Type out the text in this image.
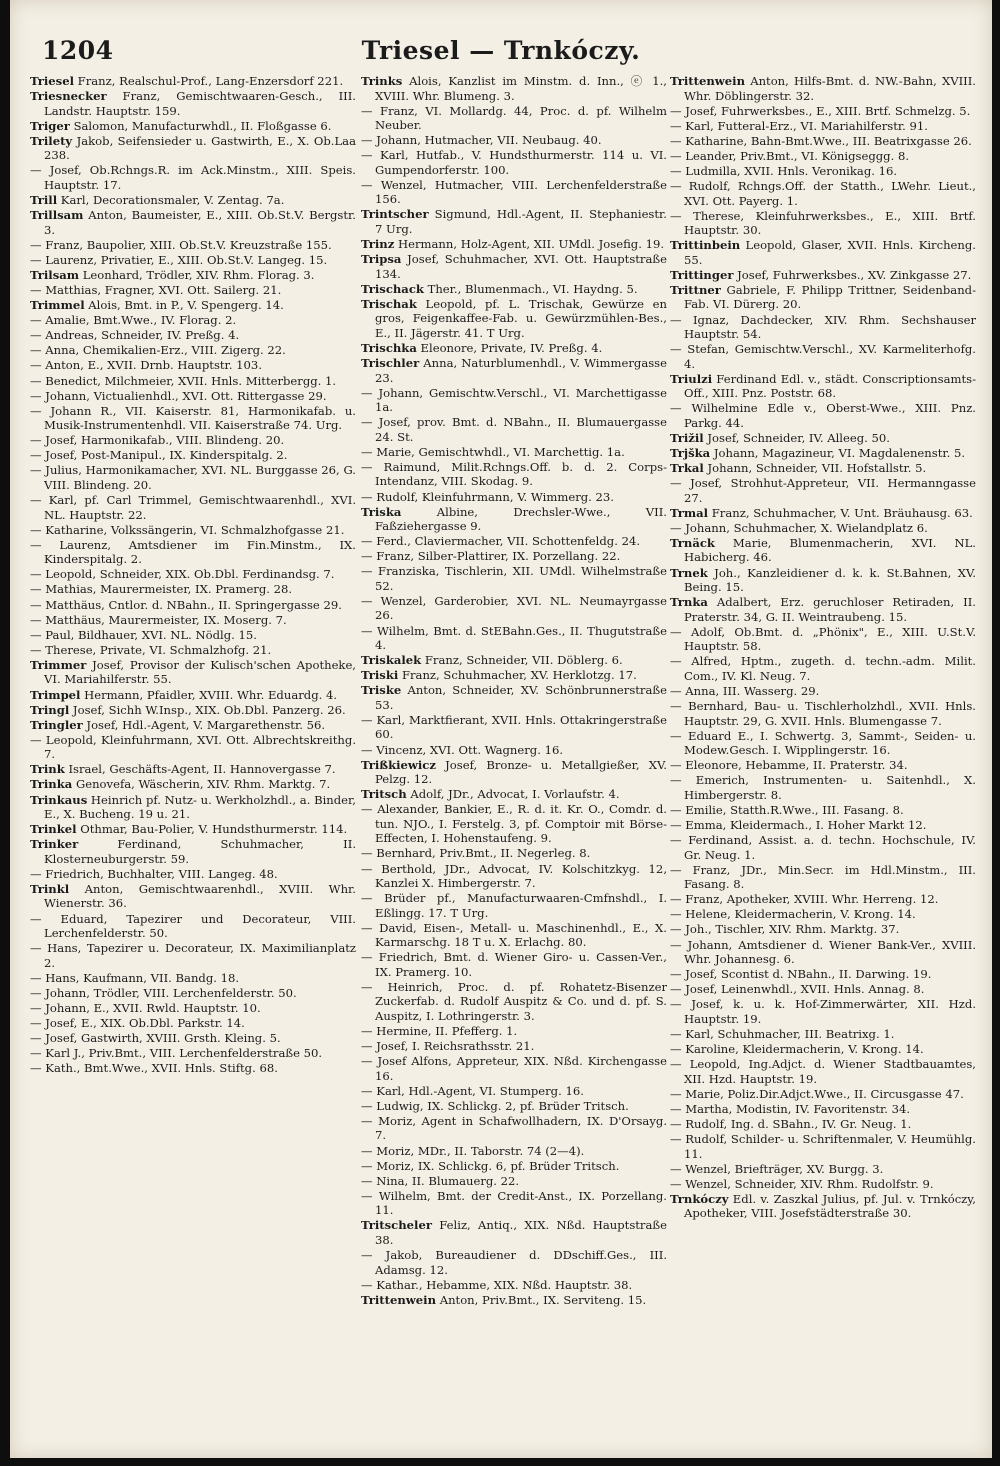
1204	Triesel — Trnkóczy.

Triesel Franz, Realschul-Prof., Lang-Enzersdorf 221.

Triesnecker Franz, Gemischtwaaren-Gesch., III. Landstr. Hauptstr. 159.

Triger Salomon, Manufacturwhdl., II. Floßgasse 6.

Trilety Jakob, Seifensieder u. Gastwirth, E., X. Ob.Laa 238.

— Josef, Ob.Rchngs.R. im Ack.Minstm., XIII. Speis. Hauptstr. 17.

Trill Karl, Decorationsmaler, V. Zentag. 7a.

Trillsam Anton, Baumeister, E., XIII. Ob.St.V. Bergstr. 3.

— Franz, Baupolier, XIII. Ob.St.V. Kreuzstraße 155.

— Laurenz, Privatier, E., XIII. Ob.St.V. Langeg. 15.

Trilsam Leonhard, Trödler, XIV. Rhm. Florag. 3.

— Matthias, Fragner, XVI. Ott. Sailerg. 21.

Trimmel Alois, Bmt. in P., V. Spengerg. 14.

— Amalie, Bmt.Wwe., IV. Florag. 2.

— Andreas, Schneider, IV. Preßg. 4.

— Anna, Chemikalien-Erz., VIII. Zigerg. 22.

— Anton, E., XVII. Drnb. Hauptstr. 103.

— Benedict, Milchmeier, XVII. Hnls. Mitterbergg. 1.

— Johann, Victualienhdl., XVI. Ott. Rittergasse 29.

— Johann R., VII. Kaiserstr. 81, Harmonikafab. u. Musik-Instrumentenhdl. VII. Kaiserstraße 74. Urg.

— Josef, Harmonikafab., VIII. Blindeng. 20.

— Josef, Post-Manipul., IX. Kinderspitalg. 2.

— Julius, Harmonikamacher, XVI. NL. Burggasse 26, G. VIII. Blindeng. 20.

— Karl, pf. Carl Trimmel, Gemischtwaarenhdl., XVI. NL. Hauptstr. 22.

— Katharine, Volkssängerin, VI. Schmalzhofgasse 21.

— Laurenz, Amtsdiener im Fin.Minstm., IX. Kinderspitalg. 2.

— Leopold, Schneider, XIX. Ob.Dbl. Ferdinandsg. 7.

— Mathias, Maurermeister, IX. Pramerg. 28.

— Matthäus, Cntlor. d. NBahn., II. Springergasse 29.

— Matthäus, Maurermeister, IX. Moserg. 7.

— Paul, Bildhauer, XVI. NL. Nödlg. 15.

— Therese, Private, VI. Schmalzhofg. 21.

Trimmer Josef, Provisor der Kulisch'schen Apotheke, VI. Mariahilferstr. 55.

Trimpel Hermann, Pfaidler, XVIII. Whr. Eduardg. 4.

Tringl Josef, Sichh W.Insp., XIX. Ob.Dbl. Panzerg. 26.

Tringler Josef, Hdl.-Agent, V. Margarethenstr. 56.

— Leopold, Kleinfuhrmann, XVI. Ott. Albrechtskreithg. 7.

Trink Israel, Geschäfts-Agent, II. Hannovergasse 7.

Trinka Genovefa, Wäscherin, XIV. Rhm. Marktg. 7.

Trinkaus Heinrich pf. Nutz- u. Werkholzhdl., a. Binder, E., X. Bucheng. 19 u. 21.

Trinkel Othmar, Bau-Polier, V. Hundsthurmerstr. 114.

Trinker Ferdinand, Schuhmacher, II. Klosterneuburgerstr. 59.

— Friedrich, Buchhalter, VIII. Langeg. 48.

Trinkl Anton, Gemischtwaarenhdl., XVIII. Whr. Wienerstr. 36.

— Eduard, Tapezirer und Decorateur, VIII. Lerchenfelderstr. 50.

— Hans, Tapezirer u. Decorateur, IX. Maximilianplatz 2.

— Hans, Kaufmann, VII. Bandg. 18.

— Johann, Trödler, VIII. Lerchenfelderstr. 50.

— Johann, E., XVII. Rwld. Hauptstr. 10.

— Josef, E., XIX. Ob.Dbl. Parkstr. 14.

— Josef, Gastwirth, XVIII. Grsth. Kleing. 5.

— Karl J., Priv.Bmt., VIII. Lerchenfelderstraße 50.

— Kath., Bmt.Wwe., XVII. Hnls. Stiftg. 68.

Trinks Alois, Kanzlist im Minstm. d. Inn., ⓔ 1., XVIII. Whr. Blumeng. 3.

— Franz, VI. Mollardg. 44, Proc. d. pf. Wilhelm Neuber.

— Johann, Hutmacher, VII. Neubaug. 40.

— Karl, Hutfab., V. Hundsthurmerstr. 114 u. VI. Gumpendorferstr. 100.

— Wenzel, Hutmacher, VIII. Lerchenfelderstraße 156.

Trintscher Sigmund, Hdl.-Agent, II. Stephaniestr. 7 Urg.

Trinz Hermann, Holz-Agent, XII. UMdl. Josefig. 19.

Tripsa Josef, Schuhmacher, XVI. Ott. Hauptstraße 134.

Trischack Ther., Blumenmach., VI. Haydng. 5.

Trischak Leopold, pf. L. Trischak, Gewürze en gros, Feigenkaffee-Fab. u. Gewürzmühlen-Bes., E., II. Jägerstr. 41. T Urg.

Trischka Eleonore, Private, IV. Preßg. 4.

Trischler Anna, Naturblumenhdl., V. Wimmergasse 23.

— Johann, Gemischtw.Verschl., VI. Marchettigasse 1a.

— Josef, prov. Bmt. d. NBahn., II. Blumauergasse 24. St.

— Marie, Gemischtwhdl., VI. Marchettig. 1a.

— Raimund, Milit.Rchngs.Off. b. d. 2. Corps-Intendanz, VIII. Skodag. 9.

— Rudolf, Kleinfuhrmann, V. Wimmerg. 23.

Triska Albine, Drechsler-Wwe., VII. Faßziehergasse 9.

— Ferd., Claviermacher, VII. Schottenfeldg. 24.

— Franz, Silber-Plattirer, IX. Porzellang. 22.

— Franziska, Tischlerin, XII. UMdl. Wilhelmstraße 52.

— Wenzel, Garderobier, XVI. NL. Neumayrgasse 26.

— Wilhelm, Bmt. d. StEBahn.Ges., II. Thugutstraße 4.

Triskalek Franz, Schneider, VII. Döblerg. 6.

Triski Franz, Schuhmacher, XV. Herklotzg. 17.

Triske Anton, Schneider, XV. Schönbrunnerstraße 53.

— Karl, Marktfierant, XVII. Hnls. Ottakringerstraße 60.

— Vincenz, XVI. Ott. Wagnerg. 16.

Trißkiewicz Josef, Bronze- u. Metallgießer, XV. Pelzg. 12.

Tritsch Adolf, JDr., Advocat, I. Vorlaufstr. 4.

— Alexander, Bankier, E., R. d. it. Kr. O., Comdr. d. tun. NJO., I. Ferstelg. 3, pf. Comptoir mit Börse-Effecten, I. Hohenstaufeng. 9.

— Bernhard, Priv.Bmt., II. Negerleg. 8.

— Berthold, JDr., Advocat, IV. Kolschitzkyg. 12, Kanzlei X. Himbergerstr. 7.

— Brüder pf., Manufacturwaaren-Cmfnshdl., I. Eßlingg. 17. T Urg.

— David, Eisen-, Metall- u. Maschinenhdl., E., X. Karmarschg. 18 T u. X. Erlachg. 80.

— Friedrich, Bmt. d. Wiener Giro- u. Cassen-Ver., IX. Pramerg. 10.

— Heinrich, Proc. d. pf. Rohatetz-Bisenzer Zuckerfab. d. Rudolf Auspitz & Co. und d. pf. S. Auspitz, I. Lothringerstr. 3.

— Hermine, II. Pfefferg. 1.

— Josef, I. Reichsrathsstr. 21.

— Josef Alfons, Appreteur, XIX. Nßd. Kirchengasse 16.

— Karl, Hdl.-Agent, VI. Stumperg. 16.

— Ludwig, IX. Schlickg. 2, pf. Brüder Tritsch.

— Moriz, Agent in Schafwollhadern, IX. D'Orsayg. 7.

— Moriz, MDr., II. Taborstr. 74 (2—4).

— Moriz, IX. Schlickg. 6, pf. Brüder Tritsch.

— Nina, II. Blumauerg. 22.

— Wilhelm, Bmt. der Credit-Anst., IX. Porzellang. 11.

Tritscheler Feliz, Antiq., XIX. Nßd. Hauptstraße 38.

— Jakob, Bureaudiener d. DDschiff.Ges., III. Adamsg. 12.

— Kathar., Hebamme, XIX. Nßd. Hauptstr. 38.

Trittenwein Anton, Priv.Bmt., IX. Serviteng. 15.

Trittenwein Anton, Hilfs-Bmt. d. NW.-Bahn, XVIII. Whr. Döblingerstr. 32.

— Josef, Fuhrwerksbes., E., XIII. Brtf. Schmelzg. 5.

— Karl, Futteral-Erz., VI. Mariahilferstr. 91.

— Katharine, Bahn-Bmt.Wwe., III. Beatrixgasse 26.

— Leander, Priv.Bmt., VI. Königseggg. 8.

— Ludmilla, XVII. Hnls. Veronikag. 16.

— Rudolf, Rchngs.Off. der Statth., LWehr. Lieut., XVI. Ott. Payerg. 1.

— Therese, Kleinfuhrwerksbes., E., XIII. Brtf. Hauptstr. 30.

Trittinbein Leopold, Glaser, XVII. Hnls. Kircheng. 55.

Trittinger Josef, Fuhrwerksbes., XV. Zinkgasse 27.

Trittner Gabriele, F. Philipp Trittner, Seidenband-Fab. VI. Dürerg. 20.

— Ignaz, Dachdecker, XIV. Rhm. Sechshauser Hauptstr. 54.

— Stefan, Gemischtw.Verschl., XV. Karmeliterhofg. 4.

Triulzi Ferdinand Edl. v., städt. Conscriptionsamts-Off., XIII. Pnz. Poststr. 68.

— Wilhelmine Edle v., Oberst-Wwe., XIII. Pnz. Parkg. 44.

Trižil Josef, Schneider, IV. Alleeg. 50.

Trjška Johann, Magazineur, VI. Magdalenenstr. 5.

Trkal Johann, Schneider, VII. Hofstallstr. 5.

— Josef, Strohhut-Appreteur, VII. Hermanngasse 27.

Trmal Franz, Schuhmacher, V. Unt. Bräuhausg. 63.

— Johann, Schuhmacher, X. Wielandplatz 6.

Trnäck Marie, Blumenmacherin, XVI. NL. Habicherg. 46.

Trnek Joh., Kanzleidiener d. k. k. St.Bahnen, XV. Being. 15.

Trnka Adalbert, Erz. geruchloser Retiraden, II. Praterstr. 34, G. II. Weintraubeng. 15.

— Adolf, Ob.Bmt. d. „Phönix", E., XIII. U.St.V. Hauptstr. 58.

— Alfred, Hptm., zugeth. d. techn.-adm. Milit. Com., IV. Kl. Neug. 7.

— Anna, III. Wasserg. 29.

— Bernhard, Bau- u. Tischlerholzhdl., XVII. Hnls. Hauptstr. 29, G. XVII. Hnls. Blumengasse 7.

— Eduard E., I. Schwertg. 3, Sammt-, Seiden- u. Modew.Gesch. I. Wipplingerstr. 16.

— Eleonore, Hebamme, II. Praterstr. 34.

— Emerich, Instrumenten- u. Saitenhdl., X. Himbergerstr. 8.

— Emilie, Statth.R.Wwe., III. Fasang. 8.

— Emma, Kleidermach., I. Hoher Markt 12.

— Ferdinand, Assist. a. d. techn. Hochschule, IV. Gr. Neug. 1.

— Franz, JDr., Min.Secr. im Hdl.Minstm., III. Fasang. 8.

— Franz, Apotheker, XVIII. Whr. Herreng. 12.

— Helene, Kleidermacherin, V. Krong. 14.

— Joh., Tischler, XIV. Rhm. Marktg. 37.

— Johann, Amtsdiener d. Wiener Bank-Ver., XVIII. Whr. Johannesg. 6.

— Josef, Scontist d. NBahn., II. Darwing. 19.

— Josef, Leinenwhdl., XVII. Hnls. Annag. 8.

— Josef, k. u. k. Hof-Zimmerwärter, XII. Hzd. Hauptstr. 19.

— Karl, Schuhmacher, III. Beatrixg. 1.

— Karoline, Kleidermacherin, V. Krong. 14.

— Leopold, Ing.Adjct. d. Wiener Stadtbauamtes, XII. Hzd. Hauptstr. 19.

— Marie, Poliz.Dir.Adjct.Wwe., II. Circusgasse 47.

— Martha, Modistin, IV. Favoritenstr. 34.

— Rudolf, Ing. d. SBahn., IV. Gr. Neug. 1.

— Rudolf, Schilder- u. Schriftenmaler, V. Heumühlg. 11.

— Wenzel, Briefträger, XV. Burgg. 3.

— Wenzel, Schneider, XIV. Rhm. Rudolfstr. 9.

Trnkóczy Edl. v. Zaszkal Julius, pf. Jul. v. Trnkóczy, Apotheker, VIII. Josefstädterstraße 30.
